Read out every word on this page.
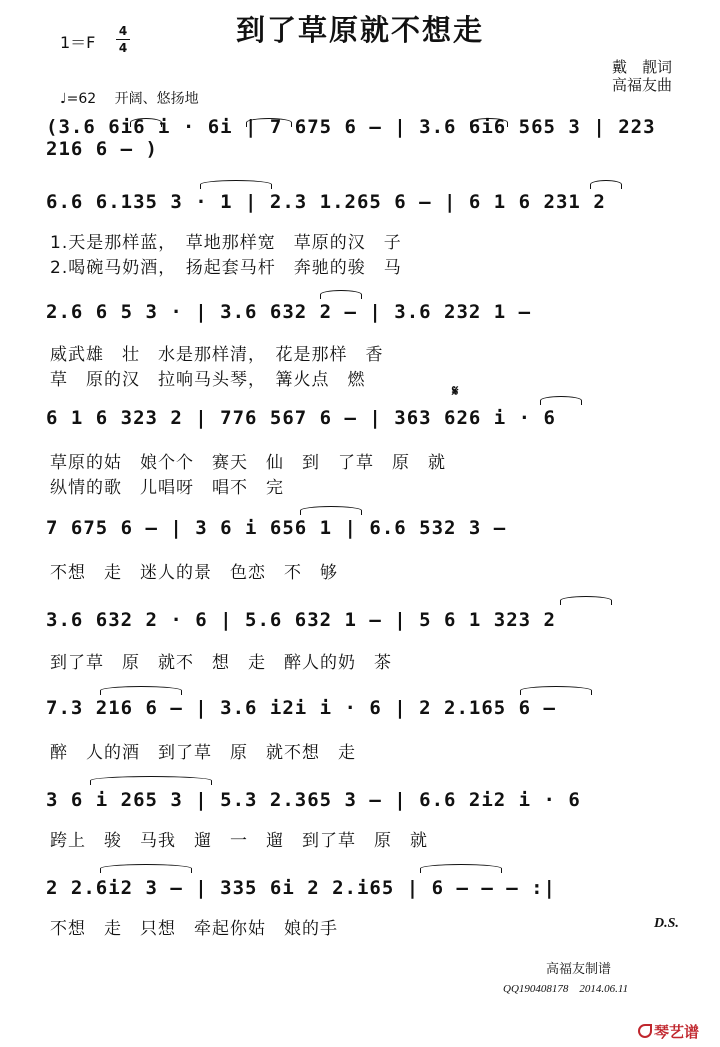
1＝F
4
4
到了草原就不想走
戴　靓词
高福友曲
♩=62 开阔、悠扬地
(3.6 6i6 i · 6i | 7 675 6 – | 3.6 6i6 565 3 | 223 216 6 – )
6.6 6.135 3 · 1 | 2.3 1.265 6 – | 6 1 6 231 2
2.6 6 5 3 · | 3.6 632 2 – | 3.6 232 1 –
6 1 6 323 2 | 776 567 6 – | 363 626 i · 6
7 675 6 – | 3 6 i 656 1 | 6.6 532 3 –
3.6 632 2 · 6 | 5.6 632 1 – | 5 6 1 323 2
7.3 216 6 – | 3.6 i2i i · 6 | 2 2.165 6 –
3 6 i 265 3 | 5.3 2.365 3 – | 6.6 2i2 i · 6
2 2.6i2 3 – | 335 6i 2 2.i65 | 6 – – – :|
𝄋
1.天是那样蓝，　草地那样宽　草原的汉　子
2.喝碗马奶酒，　扬起套马杆　奔驰的骏　马
威武雄　壮　水是那样清，　花是那样　香
草　原的汉　拉响马头琴，　篝火点　燃
草原的姑　娘个个　赛天　仙　到　了草　原　就
纵情的歌　儿唱呀　唱不　完
不想　走　迷人的景　色恋　不　够
到了草　原　就不　想　走　醉人的奶　茶
醉　人的酒　到了草　原　就不想　走
跨上　骏　马我　遛　一　遛　到了草　原　就
不想　走　只想　牵起你姑　娘的手	D.S.
高福友制谱
QQ190408178　2014.06.11
琴艺谱
